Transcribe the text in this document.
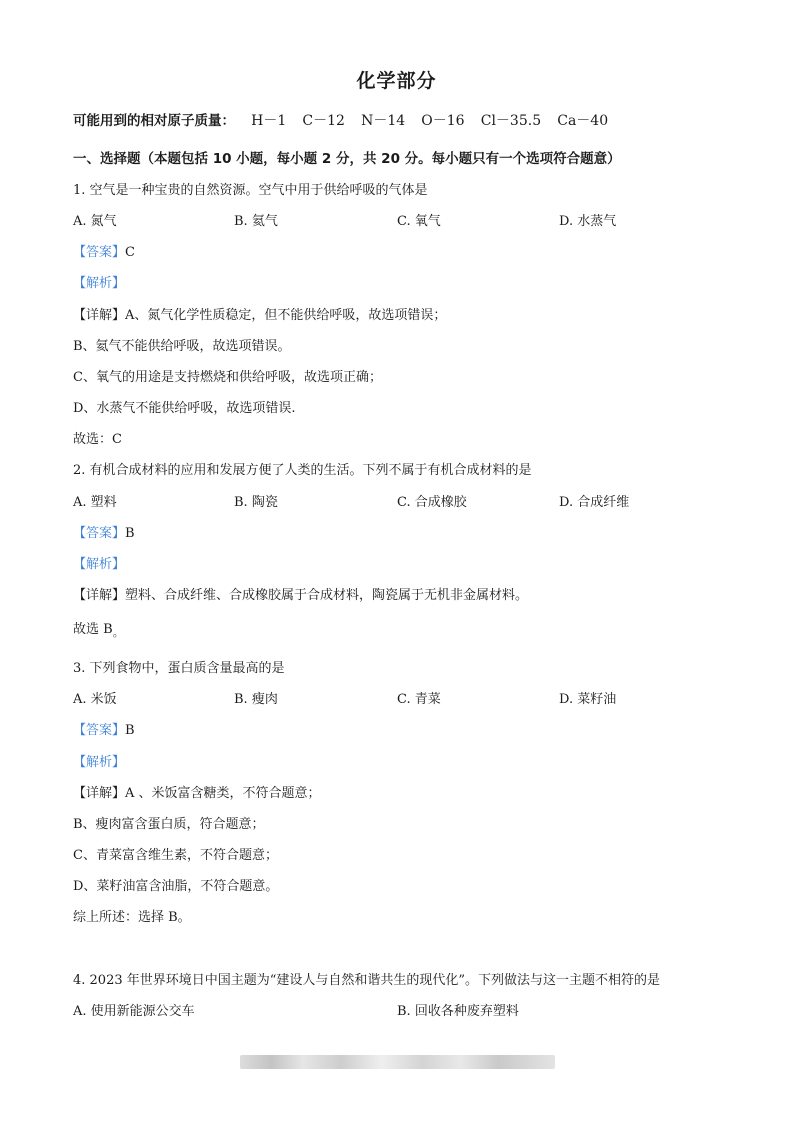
化学部分
可能用到的相对原子质量： H－1 C－12 N－14 O－16 Cl－35.5 Ca－40
一、选择题（本题包括 10 小题，每小题 2 分，共 20 分。每小题只有一个选项符合题意）
1. 空气是一种宝贵的自然资源。空气中用于供给呼吸的气体是
A. 氮气	B. 氦气	C. 氧气	D. 水蒸气
【答案】C
【解析】
【详解】A、氮气化学性质稳定，但不能供给呼吸，故选项错误；
B、氦气不能供给呼吸，故选项错误。
C、氧气的用途是支持燃烧和供给呼吸，故选项正确；
D、水蒸气不能供给呼吸，故选项错误.
故选：C
2. 有机合成材料的应用和发展方便了人类的生活。下列不属于有机合成材料的是
A. 塑料	B. 陶瓷	C. 合成橡胶	D. 合成纤维
【答案】B
【解析】
【详解】塑料、合成纤维、合成橡胶属于合成材料，陶瓷属于无机非金属材料。
故选 $B_。$
3. 下列食物中，蛋白质含量最高的是
A. 米饭	B. 瘦肉	C. 青菜	D. 菜籽油
【答案】B
【解析】
【详解】A 、米饭富含糖类，不符合题意；
B、瘦肉富含蛋白质，符合题意；
C、青菜富含维生素，不符合题意；
D、菜籽油富含油脂，不符合题意。
综上所述：选择 B。
4. 2023 年世界环境日中国主题为“建设人与自然和谐共生的现代化”。下列做法与这一主题不相符的是
A. 使用新能源公交车	B. 回收各种废弃塑料
